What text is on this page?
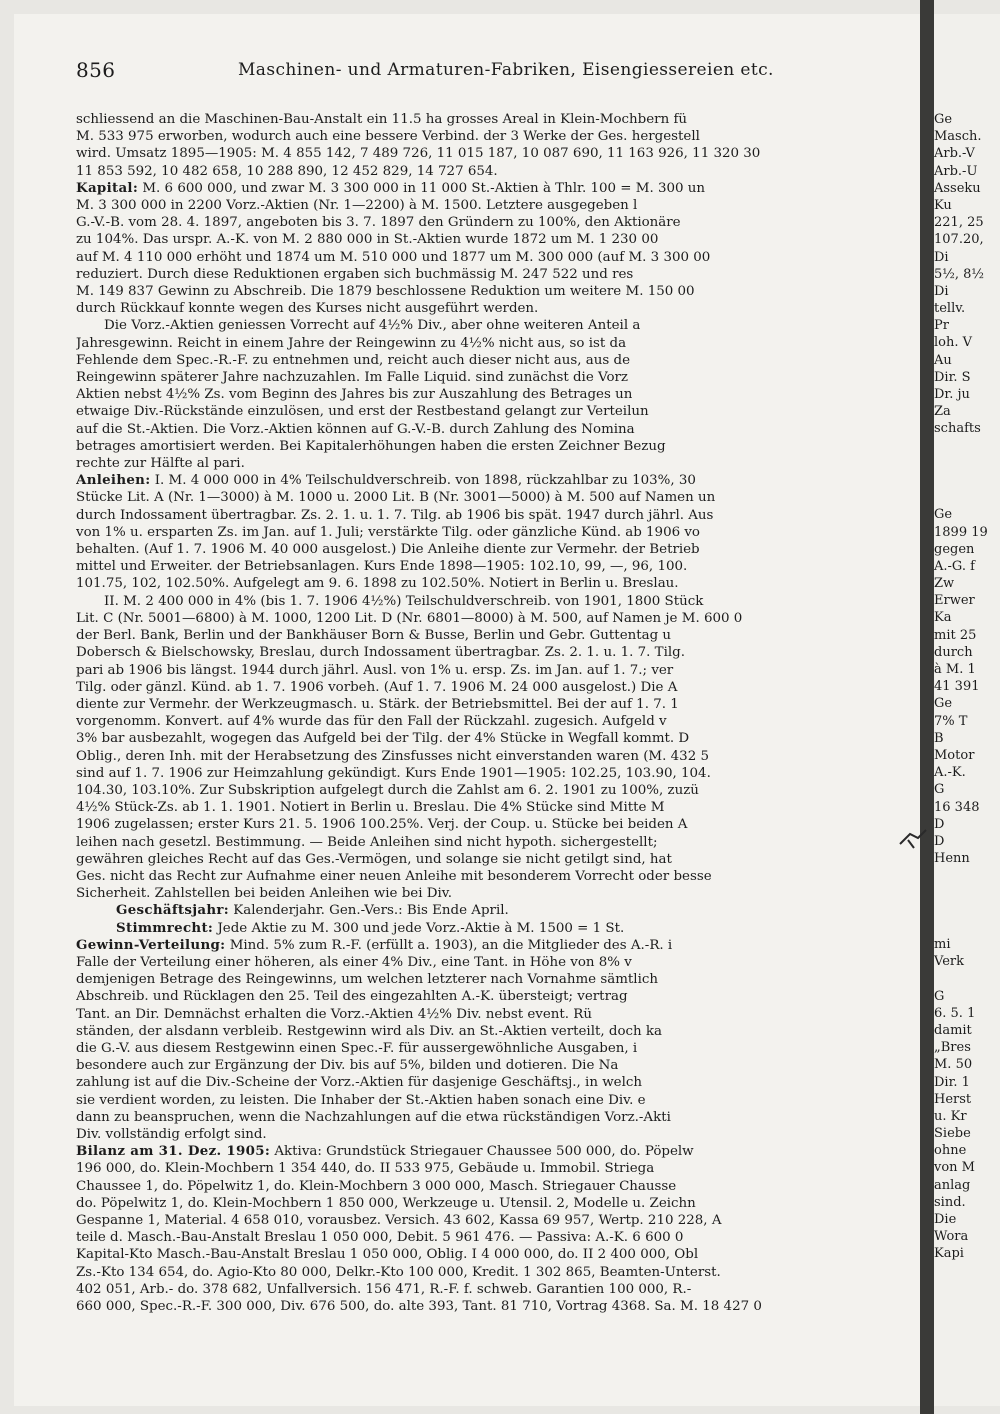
856	Maschinen- und Armaturen-Fabriken, Eisengiessereien etc.

schliessend an die Maschinen-Bau-Anstalt ein 11.5 ha grosses Areal in Klein-Mochbern fü

M. 533 975 erworben, wodurch auch eine bessere Verbind. der 3 Werke der Ges. hergestell

wird. Umsatz 1895—1905: M. 4 855 142, 7 489 726, 11 015 187, 10 087 690, 11 163 926, 11 320 30

11 853 592, 10 482 658, 10 288 890, 12 452 829, 14 727 654.

Kapital: M. 6 600 000, und zwar M. 3 300 000 in 11 000 St.-Aktien à Thlr. 100 = M. 300 un

M. 3 300 000 in 2200 Vorz.-Aktien (Nr. 1—2200) à M. 1500. Letztere ausgegeben l

G.-V.-B. vom 28. 4. 1897, angeboten bis 3. 7. 1897 den Gründern zu 100%, den Aktionäre

zu 104%. Das urspr. A.-K. von M. 2 880 000 in St.-Aktien wurde 1872 um M. 1 230 00

auf M. 4 110 000 erhöht und 1874 um M. 510 000 und 1877 um M. 300 000 (auf M. 3 300 00

reduziert. Durch diese Reduktionen ergaben sich buchmässig M. 247 522 und res

M. 149 837 Gewinn zu Abschreib. Die 1879 beschlossene Reduktion um weitere M. 150 00

durch Rückkauf konnte wegen des Kurses nicht ausgeführt werden.

Die Vorz.-Aktien geniessen Vorrecht auf 4½% Div., aber ohne weiteren Anteil a

Jahresgewinn. Reicht in einem Jahre der Reingewinn zu 4½% nicht aus, so ist da

Fehlende dem Spec.-R.-F. zu entnehmen und, reicht auch dieser nicht aus, aus de

Reingewinn späterer Jahre nachzuzahlen. Im Falle Liquid. sind zunächst die Vorz

Aktien nebst 4½% Zs. vom Beginn des Jahres bis zur Auszahlung des Betrages un

etwaige Div.-Rückstände einzulösen, und erst der Restbestand gelangt zur Verteilun

auf die St.-Aktien. Die Vorz.-Aktien können auf G.-V.-B. durch Zahlung des Nomina

betrages amortisiert werden. Bei Kapitalerhöhungen haben die ersten Zeichner Bezug

rechte zur Hälfte al pari.

Anleihen: I. M. 4 000 000 in 4% Teilschuldverschreib. von 1898, rückzahlbar zu 103%, 30

Stücke Lit. A (Nr. 1—3000) à M. 1000 u. 2000 Lit. B (Nr. 3001—5000) à M. 500 auf Namen un

durch Indossament übertragbar. Zs. 2. 1. u. 1. 7. Tilg. ab 1906 bis spät. 1947 durch jährl. Aus

von 1% u. ersparten Zs. im Jan. auf 1. Juli; verstärkte Tilg. oder gänzliche Künd. ab 1906 vo

behalten. (Auf 1. 7. 1906 M. 40 000 ausgelost.) Die Anleihe diente zur Vermehr. der Betrieb

mittel und Erweiter. der Betriebsanlagen. Kurs Ende 1898—1905: 102.10, 99, —, 96, 100.

101.75, 102, 102.50%. Aufgelegt am 9. 6. 1898 zu 102.50%. Notiert in Berlin u. Breslau.

II. M. 2 400 000 in 4% (bis 1. 7. 1906 4½%) Teilschuldverschreib. von 1901, 1800 Stück

Lit. C (Nr. 5001—6800) à M. 1000, 1200 Lit. D (Nr. 6801—8000) à M. 500, auf Namen je M. 600 0

der Berl. Bank, Berlin und der Bankhäuser Born & Busse, Berlin und Gebr. Guttentag u

Dobersch & Bielschowsky, Breslau, durch Indossament übertragbar. Zs. 2. 1. u. 1. 7. Tilg.

pari ab 1906 bis längst. 1944 durch jährl. Ausl. von 1% u. ersp. Zs. im Jan. auf 1. 7.; ver

Tilg. oder gänzl. Künd. ab 1. 7. 1906 vorbeh. (Auf 1. 7. 1906 M. 24 000 ausgelost.) Die A

diente zur Vermehr. der Werkzeugmasch. u. Stärk. der Betriebsmittel. Bei der auf 1. 7. 1

vorgenomm. Konvert. auf 4% wurde das für den Fall der Rückzahl. zugesich. Aufgeld v

3% bar ausbezahlt, wogegen das Aufgeld bei der Tilg. der 4% Stücke in Wegfall kommt. D

Oblig., deren Inh. mit der Herabsetzung des Zinsfusses nicht einverstanden waren (M. 432 5

sind auf 1. 7. 1906 zur Heimzahlung gekündigt. Kurs Ende 1901—1905: 102.25, 103.90, 104.

104.30, 103.10%. Zur Subskription aufgelegt durch die Zahlst am 6. 2. 1901 zu 100%, zuzü

4½% Stück-Zs. ab 1. 1. 1901. Notiert in Berlin u. Breslau. Die 4% Stücke sind Mitte M

1906 zugelassen; erster Kurs 21. 5. 1906 100.25%. Verj. der Coup. u. Stücke bei beiden A

leihen nach gesetzl. Bestimmung. — Beide Anleihen sind nicht hypoth. sichergestellt;

gewähren gleiches Recht auf das Ges.-Vermögen, und solange sie nicht getilgt sind, hat

Ges. nicht das Recht zur Aufnahme einer neuen Anleihe mit besonderem Vorrecht oder besse

Sicherheit. Zahlstellen bei beiden Anleihen wie bei Div.

Geschäftsjahr: Kalenderjahr. Gen.-Vers.: Bis Ende April.

Stimmrecht: Jede Aktie zu M. 300 und jede Vorz.-Aktie à M. 1500 = 1 St.

Gewinn-Verteilung: Mind. 5% zum R.-F. (erfüllt a. 1903), an die Mitglieder des A.-R. i

Falle der Verteilung einer höheren, als einer 4% Div., eine Tant. in Höhe von 8% v

demjenigen Betrage des Reingewinns, um welchen letzterer nach Vornahme sämtlich

Abschreib. und Rücklagen den 25. Teil des eingezahlten A.-K. übersteigt; vertrag

Tant. an Dir. Demnächst erhalten die Vorz.-Aktien 4½% Div. nebst event. Rü

ständen, der alsdann verbleib. Restgewinn wird als Div. an St.-Aktien verteilt, doch ka

die G.-V. aus diesem Restgewinn einen Spec.-F. für aussergewöhnliche Ausgaben, i

besondere auch zur Ergänzung der Div. bis auf 5%, bilden und dotieren. Die Na

zahlung ist auf die Div.-Scheine der Vorz.-Aktien für dasjenige Geschäftsj., in welch

sie verdient worden, zu leisten. Die Inhaber der St.-Aktien haben sonach eine Div. e

dann zu beanspruchen, wenn die Nachzahlungen auf die etwa rückständigen Vorz.-Akti

Div. vollständig erfolgt sind.

Bilanz am 31. Dez. 1905: Aktiva: Grundstück Striegauer Chaussee 500 000, do. Pöpelw

196 000, do. Klein-Mochbern 1 354 440, do. II 533 975, Gebäude u. Immobil. Striega

Chaussee 1, do. Pöpelwitz 1, do. Klein-Mochbern 3 000 000, Masch. Striegauer Chausse

do. Pöpelwitz 1, do. Klein-Mochbern 1 850 000, Werkzeuge u. Utensil. 2, Modelle u. Zeichn

Gespanne 1, Material. 4 658 010, vorausbez. Versich. 43 602, Kassa 69 957, Wertp. 210 228, A

teile d. Masch.-Bau-Anstalt Breslau 1 050 000, Debit. 5 961 476. — Passiva: A.-K. 6 600 0

Kapital-Kto Masch.-Bau-Anstalt Breslau 1 050 000, Oblig. I 4 000 000, do. II 2 400 000, Obl

Zs.-Kto 134 654, do. Agio-Kto 80 000, Delkr.-Kto 100 000, Kredit. 1 302 865, Beamten-Unterst.

402 051, Arb.- do. 378 682, Unfallversich. 156 471, R.-F. f. schweb. Garantien 100 000, R.-

660 000, Spec.-R.-F. 300 000, Div. 676 500, do. alte 393, Tant. 81 710, Vortrag 4368. Sa. M. 18 427 0

Ge
Masch.
Arb.-V
Arb.-U
Asseku
Ku
221, 25
107.20,
Di
5½, 8½
Di
tellv.
Pr
loh. V
Au
Dir. S
Dr. ju
Za
schafts
Ge
1899 19
gegen
A.-G. f
Zw
Erwer
Ka
mit 25
durch
à M. 1
41 391
Ge
7% T
B
Motor
A.-K.
G
16 348
D
D
Henn
mi
Verk
G
6. 5. 1
damit
„Bres
M. 50
Dir. 1
Herst
u. Kr
Siebe
ohne
von M
anlag
sind.
Die
Wora
Kapi
